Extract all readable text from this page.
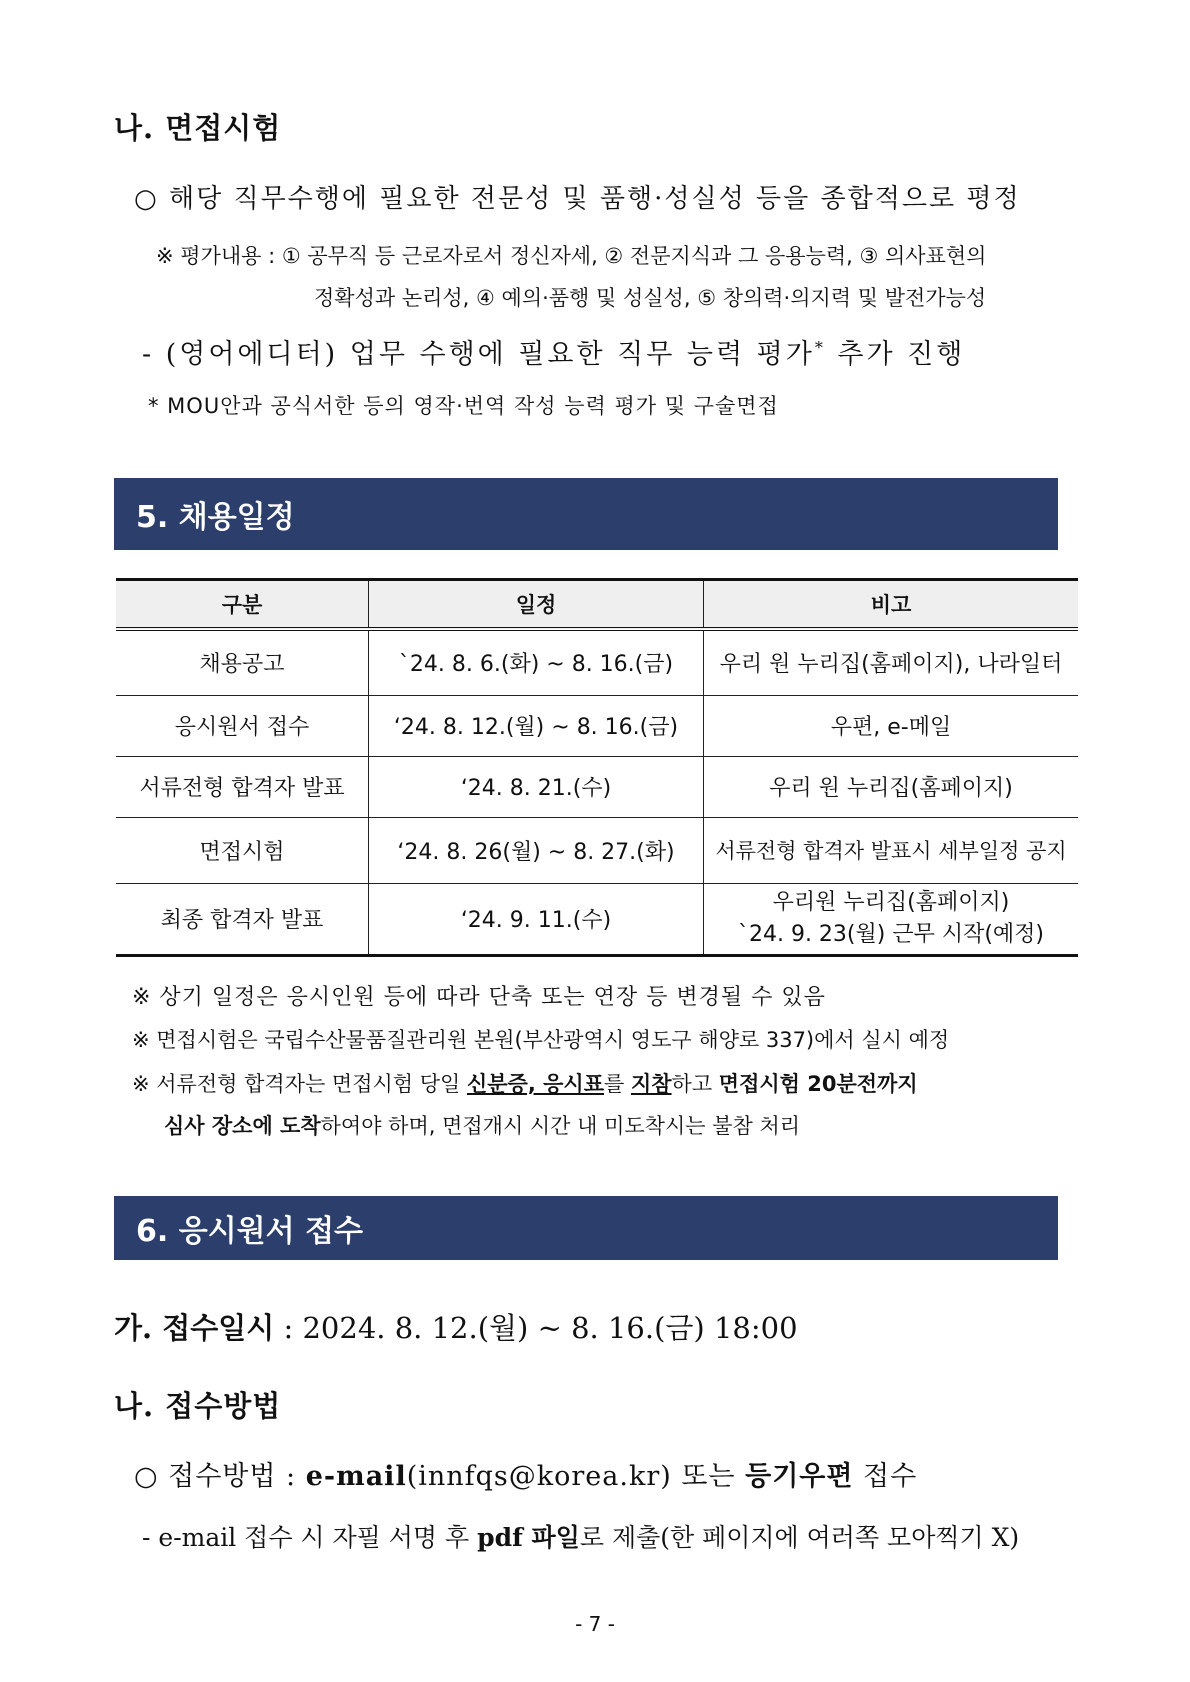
나. 면접시험
○ 해당 직무수행에 필요한 전문성 및 품행·성실성 등을 종합적으로 평정
※ 평가내용 : ① 공무직 등 근로자로서 정신자세, ② 전문지식과 그 응용능력, ③ 의사표현의
정확성과 논리성, ④ 예의·품행 및 성실성, ⑤ 창의력·의지력 및 발전가능성
- (영어에디터) 업무 수행에 필요한 직무 능력 평가* 추가 진행
* MOU안과 공식서한 등의 영작·번역 작성 능력 평가 및 구술면접
5. 채용일정
구분	일정	비고
채용공고	`24. 8. 6.(화) ~ 8. 16.(금)	우리 원 누리집(홈페이지), 나라일터
응시원서 접수	‘24. 8. 12.(월) ~ 8. 16.(금)	우편, e-메일
서류전형 합격자 발표	‘24. 8. 21.(수)	우리 원 누리집(홈페이지)
면접시험	‘24. 8. 26(월) ~ 8. 27.(화)	서류전형 합격자 발표시 세부일정 공지
최종 합격자 발표	‘24. 9. 11.(수)	우리원 누리집(홈페이지)
`24. 9. 23(월) 근무 시작(예정)
※ 상기 일정은 응시인원 등에 따라 단축 또는 연장 등 변경될 수 있음
※ 면접시험은 국립수산물품질관리원 본원(부산광역시 영도구 해양로 337)에서 실시 예정
※ 서류전형 합격자는 면접시험 당일 신분증, 응시표를 지참하고 면접시험 20분전까지
심사 장소에 도착하여야 하며, 면접개시 시간 내 미도착시는 불참 처리
6. 응시원서 접수
가. 접수일시 : 2024. 8. 12.(월) ~ 8. 16.(금) 18:00
나. 접수방법
○ 접수방법 : e-mail(innfqs@korea.kr) 또는 등기우편 접수
- e-mail 접수 시 자필 서명 후 pdf 파일로 제출(한 페이지에 여러쪽 모아찍기 X)
- 7 -
